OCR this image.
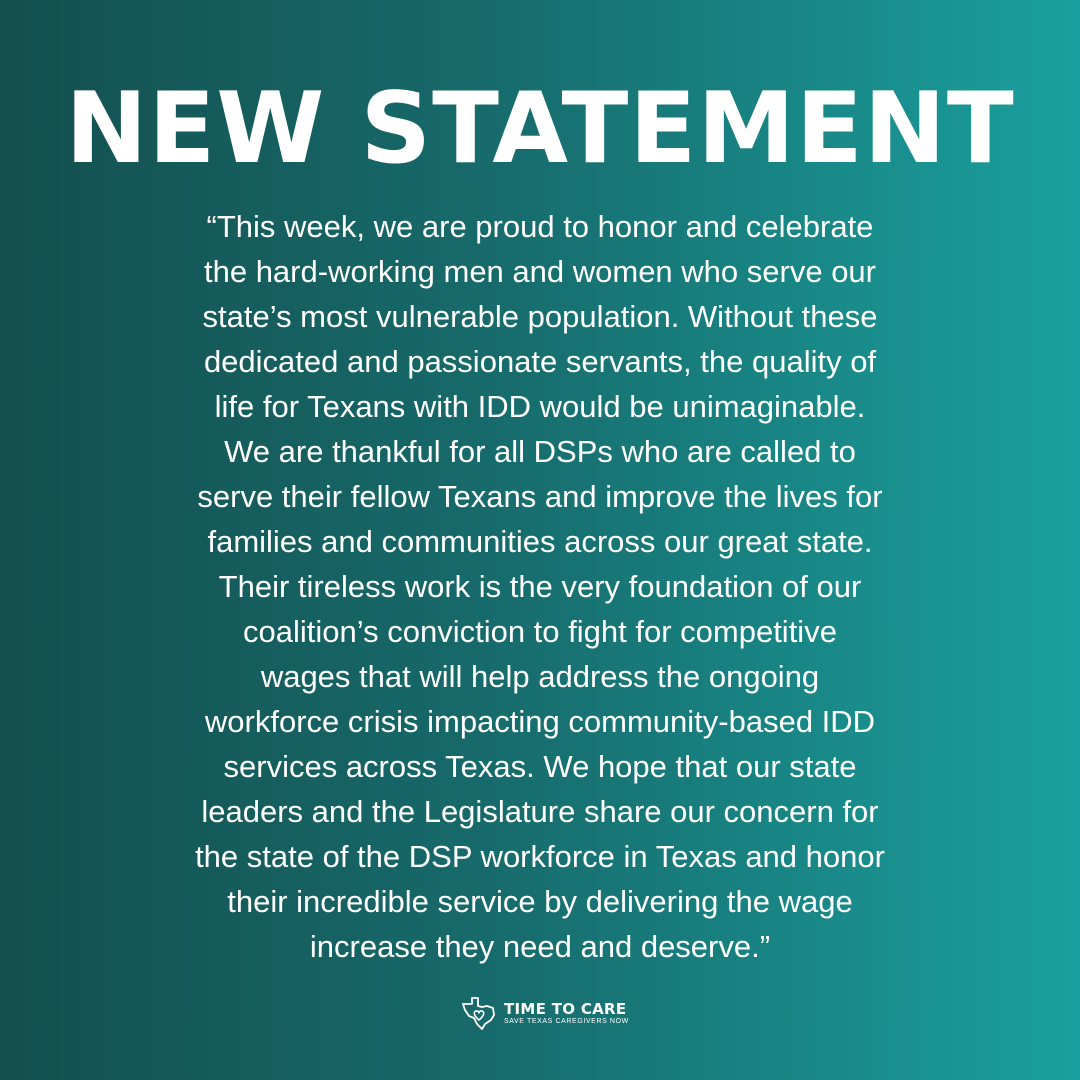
NEW STATEMENT

“This week, we are proud to honor and celebrate
the hard-working men and women who serve our
state’s most vulnerable population. Without these
dedicated and passionate servants, the quality of
life for Texans with IDD would be unimaginable.
We are thankful for all DSPs who are called to
serve their fellow Texans and improve the lives for
families and communities across our great state.
Their tireless work is the very foundation of our
coalition’s conviction to fight for competitive
wages that will help address the ongoing
workforce crisis impacting community-based IDD
services across Texas. We hope that our state
leaders and the Legislature share our concern for
the state of the DSP workforce in Texas and honor
their incredible service by delivering the wage
increase they need and deserve.”

TIME TO CARE
SAVE TEXAS CAREGIVERS NOW
